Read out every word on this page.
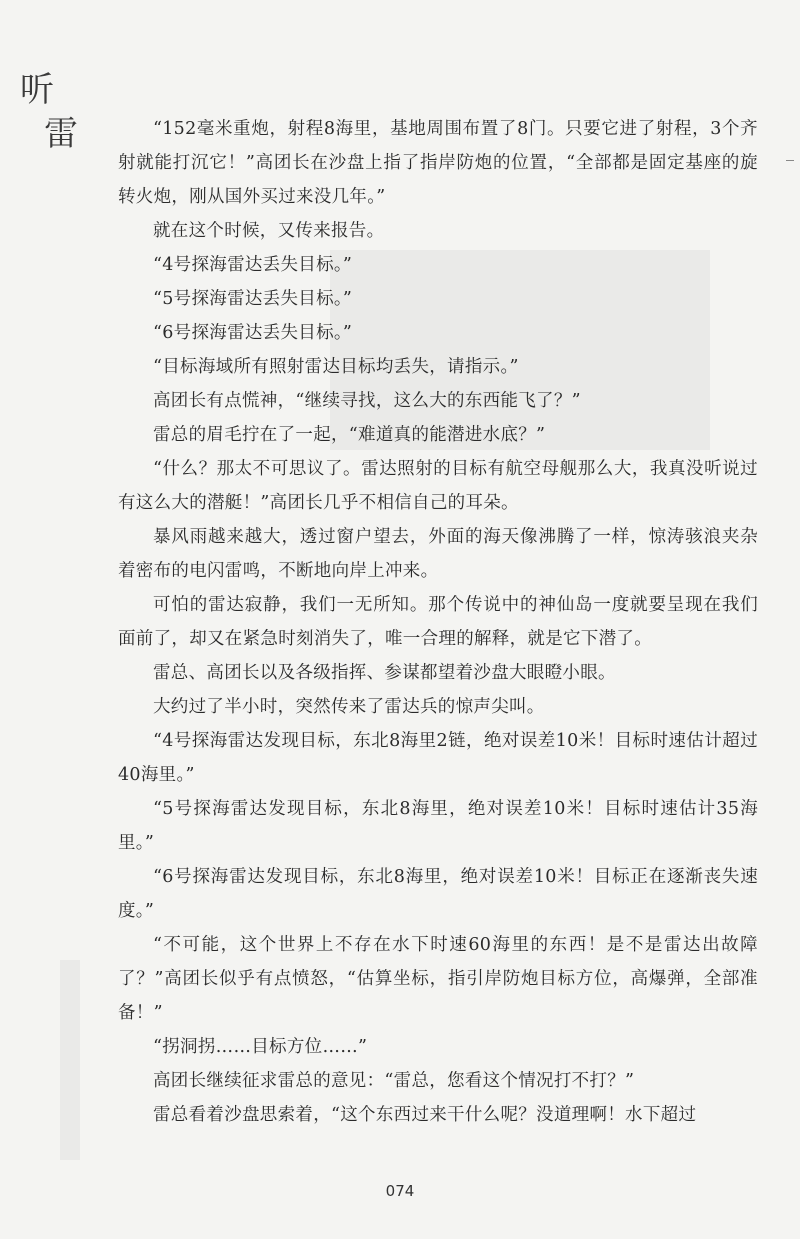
听
雷	“152毫米重炮，射程8海里，基地周围布置了8门。只要它进了射程，3个齐射就能打沉它！”高团长在沙盘上指了指岸防炮的位置，“全部都是固定基座的旋转火炮，刚从国外买过来没几年。”

就在这个时候，又传来报告。

“4号探海雷达丢失目标。”

“5号探海雷达丢失目标。”

“6号探海雷达丢失目标。”

“目标海域所有照射雷达目标均丢失，请指示。”

高团长有点慌神，“继续寻找，这么大的东西能飞了？”

雷总的眉毛拧在了一起，“难道真的能潜进水底？”

“什么？那太不可思议了。雷达照射的目标有航空母舰那么大，我真没听说过有这么大的潜艇！”高团长几乎不相信自己的耳朵。

暴风雨越来越大，透过窗户望去，外面的海天像沸腾了一样，惊涛骇浪夹杂着密布的电闪雷鸣，不断地向岸上冲来。

可怕的雷达寂静，我们一无所知。那个传说中的神仙岛一度就要呈现在我们面前了，却又在紧急时刻消失了，唯一合理的解释，就是它下潜了。

雷总、高团长以及各级指挥、参谋都望着沙盘大眼瞪小眼。

大约过了半小时，突然传来了雷达兵的惊声尖叫。

“4号探海雷达发现目标，东北8海里2链，绝对误差10米！目标时速估计超过40海里。”

“5号探海雷达发现目标，东北8海里，绝对误差10米！目标时速估计35海里。”

“6号探海雷达发现目标，东北8海里，绝对误差10米！目标正在逐渐丧失速度。”

“不可能，这个世界上不存在水下时速60海里的东西！是不是雷达出故障了？”高团长似乎有点愤怒，“估算坐标，指引岸防炮目标方位，高爆弹，全部准备！”

“拐洞拐……目标方位……”

高团长继续征求雷总的意见：“雷总，您看这个情况打不打？”

雷总看着沙盘思索着，“这个东西过来干什么呢？没道理啊！水下超过

074
